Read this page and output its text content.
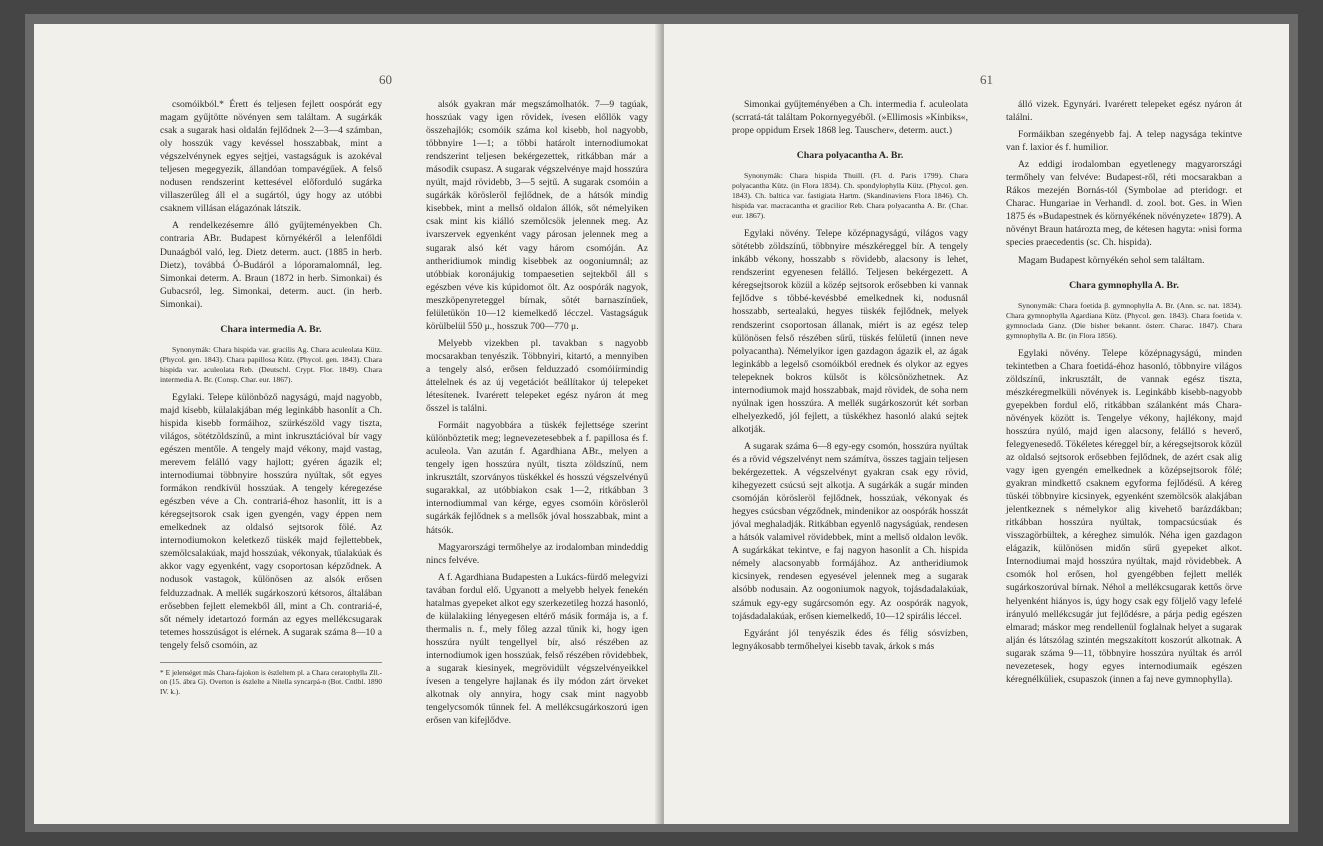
60

csomóikból.* Érett és teljesen fejlett oospórát egy magam gyűjtötte növényen sem találtam. A sugárkák csak a sugarak hasi oldalán fejlődnek 2—3—4 számban, oly hosszúk vagy kevéssel hosszabbak, mint a végszelvénynek egyes sejtjei, vastagságuk is azokéval teljesen megegyezik, állandóan tompavégűek. A felső nodusen rendszerint kettesével előforduló sugárka villaszerűleg áll el a sugártól, úgy hogy az utóbbi csaknem villásan elágazónak látszik.

A rendelkezésemre álló gyűjteményekben Ch. contraria ABr. Budapest környékéről a lelenfőldi Dunaágból való, leg. Dietz determ. auct. (1885 in herb. Dietz), továbbá Ó-Budáról a lóporamalomnál, leg. Simonkai determ. A. Braun (1872 in herb. Simonkai) és Gubacsról, leg. Simonkai, determ. auct. (in herb. Simonkai).

Chara intermedia A. Br.

Synonymák: Chara hispida var. gracilis Ag. Chara aculeolata Kütz. (Phycol. gen. 1843). Chara papillosa Kütz. (Phycol. gen. 1843). Chara hispida var. aculeolata Reb. (Deutschl. Crypt. Flor. 1849). Chara intermedia A. Br. (Consp. Char. eur. 1867).

Egylaki. Telepe különböző nagyságú, majd nagyobb, majd kisebb, külalakjában még leginkább hasonlít a Ch. hispida kisebb formáihoz, szürkészöld vagy tiszta, világos, sötétzöldszínű, a mint inkrusztációval bír vagy egészen mentőle. A tengely majd vékony, majd vastag, merevem felálló vagy hajlott; gyéren ágazik el; internodiumai többnyire hosszúra nyúltak, sőt egyes formákon rendkívül hosszúak. A tengely kéregezése egészben véve a Ch. contrariá-éhoz hasonlít, itt is a kéregsejtsorok csak igen gyengén, vagy éppen nem emelkednek az oldalsó sejtsorok fölé. Az internodiumokon keletkező tüskék majd fejlettebbek, szemölcsalakúak, majd hosszúak, vékonyak, tűalakúak és akkor vagy egyenként, vagy csoportosan képződnek. A nodusok vastagok, különösen az alsók erősen felduzzadnak. A mellék sugárkoszorú kétsoros, általában erősebben fejlett elemekből áll, mint a Ch. contrariá-é, sőt némely idetartozó formán az egyes mellékcsugarak tetemes hosszúságot is elérnek. A sugarak száma 8—10 a tengely felső csomóin, az

* E jelenséget más Chara-fajokon is észleltem pl. a Chara ceratophylla Zll.-on (15. ábra G). Overton is észlelte a Nitella syncarpá-n (Bot. Cntlbl. 1890 IV. k.).

alsók gyakran már megszámolhatók. 7—9 tagúak, hosszúak vagy igen rövidek, ívesen előllök vagy összehajlók; csomóik száma kol kisebb, hol nagyobb, többnyire 1—1; a többi határolt internodiumokat rendszerint teljesen bekérgezettek, ritkábban már a második csupasz. A sugarak végszelvénye majd hosszúra nyúlt, majd rövidebb, 3—5 sejtű. A sugarak csomóin a sugárkák körösleröl fejlődnek, de a hátsók mindig kisebbek, mint a mellső oldalon állók, sőt némelyiken csak mint kis kiálló szemölcsök jelennek meg. Az ivarszervek egyenként vagy párosan jelennek meg a sugarak alsó két vagy három csomóján. Az antheridiumok mindig kisebbek az oogoniumnál; az utóbbiak koronájukig tompaesetien sejtekből áll s egészben véve kis kúpidomot ölt. Az oospórák nagyok, meszköpenyreteggel bírnak, sötét barnaszínűek, felületükön 10—12 kiemelkedő lécczel. Vastagságuk körülbelül 550 μ., hosszuk 700—770 μ.

Melyebb vizekben pl. tavakban s nagyobb mocsarakban tenyészik. Többnyiri, kitartó, a mennyiben a tengely alsó, erősen felduzzadó csomóiírmindig áttelelnek és az új vegetációt beállítakor új telepeket létesítenek. Ivarérett telepeket egész nyáron át meg ősszel is találni.

Formáit nagyobbára a tüskék fejlettsége szerint különböztetik meg; legnevezetesebbek a f. papillosa és f. aculeola. Van azután f. Agardhiana ABr., melyen a tengely igen hosszúra nyúlt, tiszta zöldszínű, nem inkrusztált, szorványos tüskékkel és hosszú végszelvényű sugarakkal, az utóbbiakon csak 1—2, ritkábban 3 internodiummal van kérge, egyes csomóin körösleröl sugárkák fejlődnek s a mellsők jóval hosszabbak, mint a hátsók.

Magyarországi termőhelye az irodalomban mindeddig nincs felvéve.

A f. Agardhiana Budapesten a Lukács-fürdő melegvizi tavában fordul elő. Ugyanott a melyebb helyek fenekén hatalmas gyepeket alkot egy szerkezetileg hozzá hasonló, de külalakiing lényegesen eltérő másik formája is, a f. thermalis n. f., mely főleg azzal tűnik ki, hogy igen hosszúra nyúlt tengellyel bír, alsó részében az internodiumok igen hosszúak, felső részében rövidebbek, a sugarak kiesinyek, megrövidült végszelvényeikkel ívesen a tengelyre hajlanak és ily módon zárt örveket alkotnak oly annyira, hogy csak mint nagyobb tengelycsomók tűnnek fel. A mellékcsugárkoszorú igen erősen van kifejlődve.

61

Simonkai gyűjteményében a Ch. intermedia f. aculeolata (scrratá-tát találtam Pokornyegyéből. (»Ellimosis »Kinbiks«, prope oppidum Ersek 1868 leg. Tauscher«, determ. auct.)

Chara polyacantha A. Br.

Synonymák: Chara hispida Thuill. (Fl. d. Paris 1799). Chara polyacantha Kütz. (in Flora 1834). Ch. spondylophylla Kütz. (Phycol. gen. 1843). Ch. baltica var. fastigiata Hartm. (Skandinaviens Flora 1846). Ch. hispida var. macracantha et gracilior Reb. Chara polyacantha A. Br. (Char. eur. 1867).

Egylaki növény. Telepe középnagyságú, világos vagy sötétebb zöldszínű, többnyire mészkéreggel bír. A tengely inkább vékony, hosszabb s rövidebb, alacsony is lehet, rendszerint egyenesen felálló. Teljesen bekérgezett. A kéregsejtsorok közül a közép sejtsorok erősebben ki vannak fejlődve s többé-kevésbbé emelkednek ki, nodusnál hosszabb, sertealakú, hegyes tüskék fejlődnek, melyek rendszerint csoportosan állanak, miért is az egész telep különösen felső részében sűrű, tüskés felületű (innen neve polyacantha). Némelyikor igen gazdagon ágazik el, az ágak leginkább a legelső csomóikból erednek és olykor az egyes telepeknek bokros külsőt is kölcsönözhetnek. Az internodiumok majd hosszabbak, majd rövidek, de soha nem nyúlnak igen hosszúra. A mellék sugárkoszorút két sorban elhelyezkedő, jól fejlett, a tüskékhez hasonló alakú sejtek alkotják.

A sugarak száma 6—8 egy-egy csomón, hosszúra nyúltak és a rövid végszelvényt nem számítva, összes tagjain teljesen bekérgezettek. A végszelvényt gyakran csak egy rövid, kihegyezett csúcsú sejt alkotja. A sugárkák a sugár minden csomóján körösleröl fejlődnek, hosszúak, vékonyak és hegyes csúcsban végződnek, mindenikor az oospórák hosszát jóval meghaladják. Ritkábban egyenlő nagyságúak, rendesen a hátsók valamivel rövidebbek, mint a mellső oldalon levők. A sugárkákat tekintve, e faj nagyon hasonlít a Ch. hispida némely alacsonyabb formájához. Az antheridiumok kicsinyek, rendesen egyesével jelennek meg a sugarak alsóbb nodusain. Az oogoniumok nagyok, tojásdadalakúak, számuk egy-egy sugárcsomón egy. Az oospórák nagyok, tojásdadalakúak, erősen kiemelkedő, 10—12 spirális léccel.

Egyáránt jól tenyészik édes és félig sósvízben, legnyákosabb termőhelyei kisebb tavak, árkok s más

álló vizek. Egynyári. Ivarérett telepeket egész nyáron át találni.

Formáikban szegényebb faj. A telep nagysága tekintve van f. laxior és f. humilior.

Az eddigi irodalomban egyetlenegy magyarországi termőhely van felvéve: Budapest-ről, réti mocsarakban a Rákos mezején Bornás-tól (Symbolae ad pteridogr. et Charac. Hungariae in Verhandl. d. zool. bot. Ges. in Wien 1875 és »Budapestnek és környékének növényzete« 1879). A növényt Braun határozta meg, de kétesen hagyta: »nisi forma species praecedentis (sc. Ch. hispida).

Magam Budapest környékén sehol sem találtam.

Chara gymnophylla A. Br.

Synonymák: Chara foetida β. gymnophylla A. Br. (Ann. sc. nat. 1834). Chara gymnophylla Agardiana Kütz. (Phycol. gen. 1843). Chara foetida v. gymnoclada Ganz. (Die bisher bekannt. österr. Charac. 1847). Chara gymnophylla A. Br. (in Flora 1856).

Egylaki növény. Telepe középnagyságú, minden tekintetben a Chara foetidá-éhoz hasonló, többnyire világos zöldszínű, inkrusztált, de vannak egész tiszta, mészkéregmelküli növények is. Leginkább kisebb-nagyobb gyepekben fordul elő, ritkábban szálanként más Chara-növények között is. Tengelye vékony, hajlékony, majd hosszúra nyúló, majd igen alacsony, felálló s heverő, felegyenesedő. Tökéletes kéreggel bír, a kéregsejtsorok közül az oldalsó sejtsorok erősebben fejlődnek, de azért csak alig vagy igen gyengén emelkednek a középsejtsorok fölé; gyakran mindkettő csaknem egyforma fejlődésű. A kéreg tüskéi többnyire kicsinyek, egyenként szemölcsök alakjában jelentkeznek s némelykor alig kivehető barázdákban; ritkábban hosszúra nyúltak, tompacsúcsúak és visszagörbültek, a kéreghez simulók. Néha igen gazdagon elágazik, különösen midőn sűrű gyepeket alkot. Internodiumai majd hosszúra nyúltak, majd rövidebbek. A csomók hol erősen, hol gyengébben fejlett mellék sugárkoszorúval bírnak. Néhol a mellékcsugarak kettős örve helyenként hiányos is, úgy hogy csak egy följelő vagy lefelé irányuló mellékcsugár jut fejlődésre, a párja pedig egészen elmarad; máskor meg rendellenül foglalnak helyet a sugarak alján és látszólag szintén megszakított koszorút alkotnak. A sugarak száma 9—11, többnyire hosszúra nyúltak és arról nevezetesek, hogy egyes internodiumaik egészen kéregnélküliek, csupaszok (innen a faj neve gymnophylla).
